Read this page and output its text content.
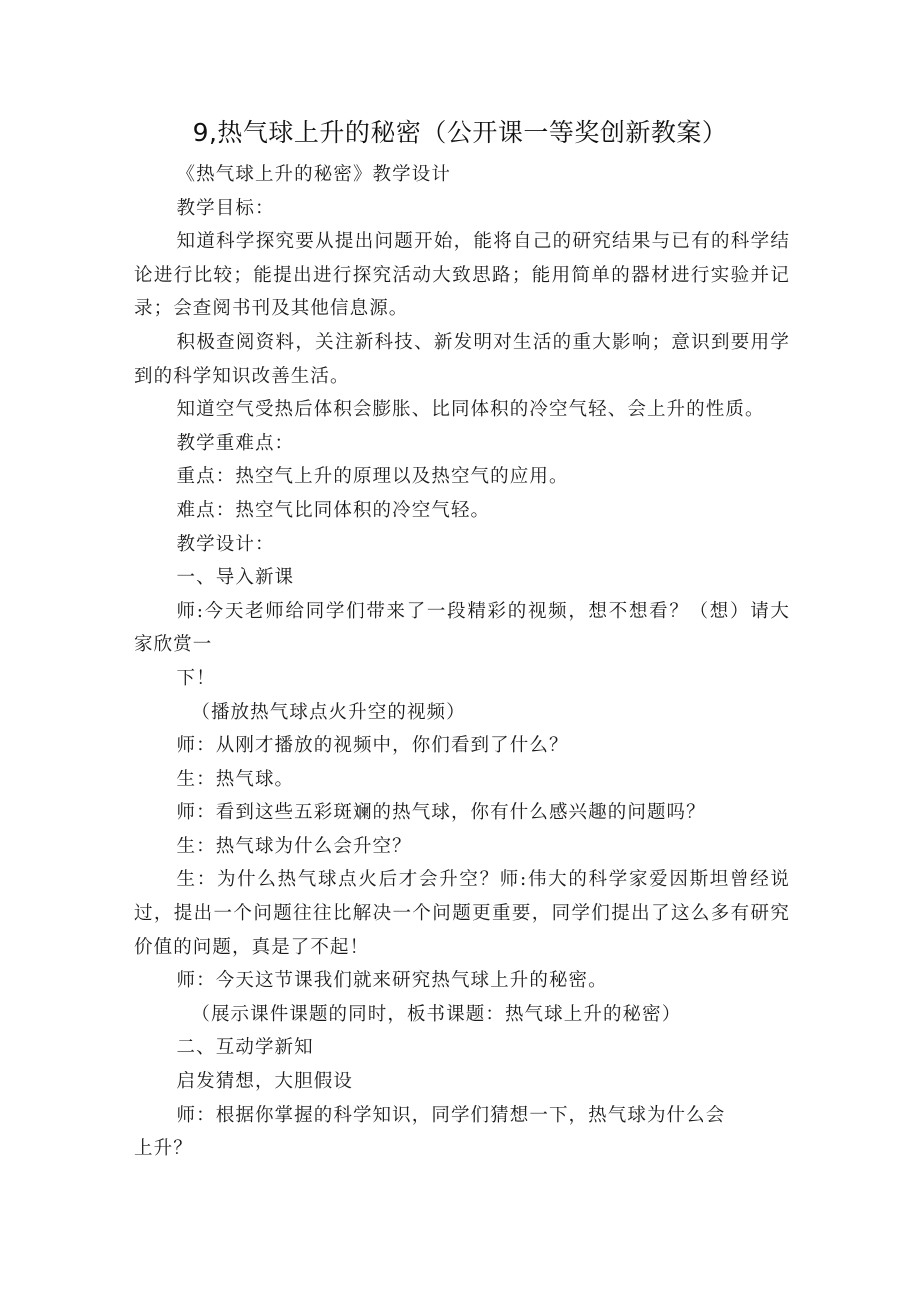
9,热气球上升的秘密（公开课一等奖创新教案）

《热气球上升的秘密》教学设计

教学目标：

知道科学探究要从提出问题开始，能将自己的研究结果与已有的科学结论进行比较；能提出进行探究活动大致思路；能用简单的器材进行实验并记录；会查阅书刊及其他信息源。

积极查阅资料，关注新科技、新发明对生活的重大影响；意识到要用学到的科学知识改善生活。

知道空气受热后体积会膨胀、比同体积的冷空气轻、会上升的性质。

教学重难点：

重点：热空气上升的原理以及热空气的应用。

难点：热空气比同体积的冷空气轻。

教学设计：

一、导入新课

师:今天老师给同学们带来了一段精彩的视频，想不想看？（想）请大家欣赏一

下！

（播放热气球点火升空的视频）

师：从刚才播放的视频中，你们看到了什么？

生：热气球。

师：看到这些五彩斑斓的热气球，你有什么感兴趣的问题吗？

生：热气球为什么会升空？

生：为什么热气球点火后才会升空？师:伟大的科学家爱因斯坦曾经说过，提出一个问题往往比解决一个问题更重要，同学们提出了这么多有研究价值的问题，真是了不起！

师：今天这节课我们就来研究热气球上升的秘密。

（展示课件课题的同时，板书课题：热气球上升的秘密）

二、互动学新知

启发猜想，大胆假设

师：根据你掌握的科学知识，同学们猜想一下，热气球为什么会

上升？
